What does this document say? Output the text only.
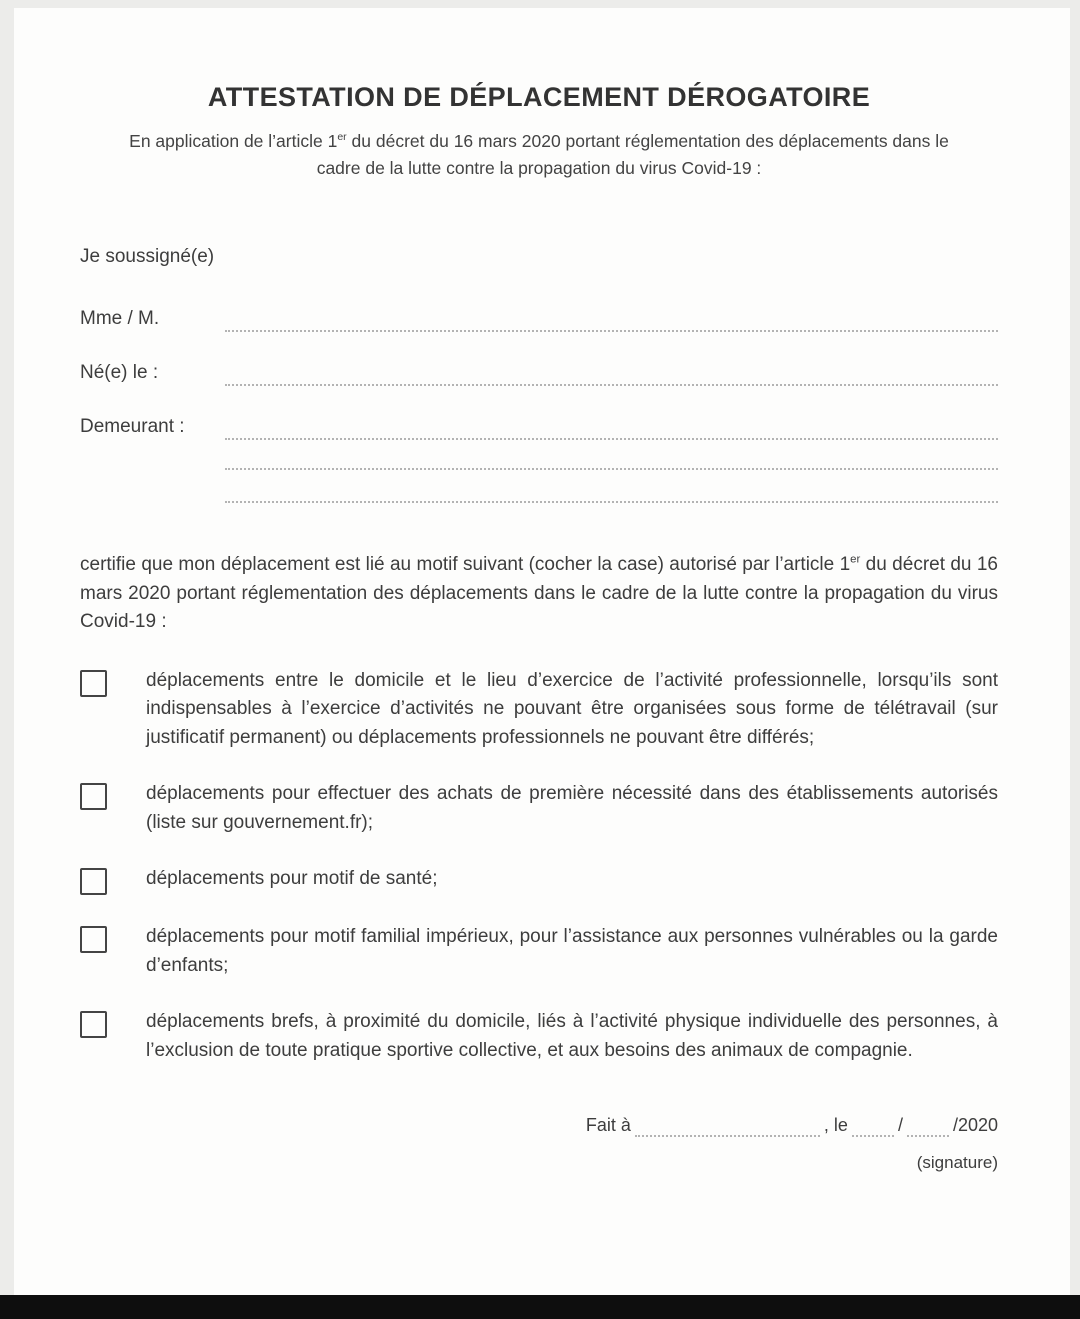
ATTESTATION DE DÉPLACEMENT DÉROGATOIRE

En application de l’article 1er du décret du 16 mars 2020 portant réglementation des déplacements dans le cadre de la lutte contre la propagation du virus Covid-19 :

Je soussigné(e)
Mme / M.
Né(e) le :
Demeurant :

certifie que mon déplacement est lié au motif suivant (cocher la case) autorisé par l’article 1er du décret du 16 mars 2020 portant réglementation des déplacements dans le cadre de la lutte contre la propagation du virus Covid-19 :

déplacements entre le domicile et le lieu d’exercice de l’activité professionnelle, lorsqu’ils sont indispensables à l’exercice d’activités ne pouvant être organisées sous forme de télétravail (sur justificatif permanent) ou déplacements professionnels ne pouvant être différés;

déplacements pour effectuer des achats de première nécessité dans des établissements autorisés (liste sur gouvernement.fr);

déplacements pour motif de santé;

déplacements pour motif familial impérieux, pour l’assistance aux personnes vulnérables ou la garde d’enfants;

déplacements brefs, à proximité du domicile, liés à l’activité physique individuelle des personnes, à l’exclusion de toute pratique sportive collective, et aux besoins des animaux de compagnie.

Fait à	, le	/	/2020
(signature)
